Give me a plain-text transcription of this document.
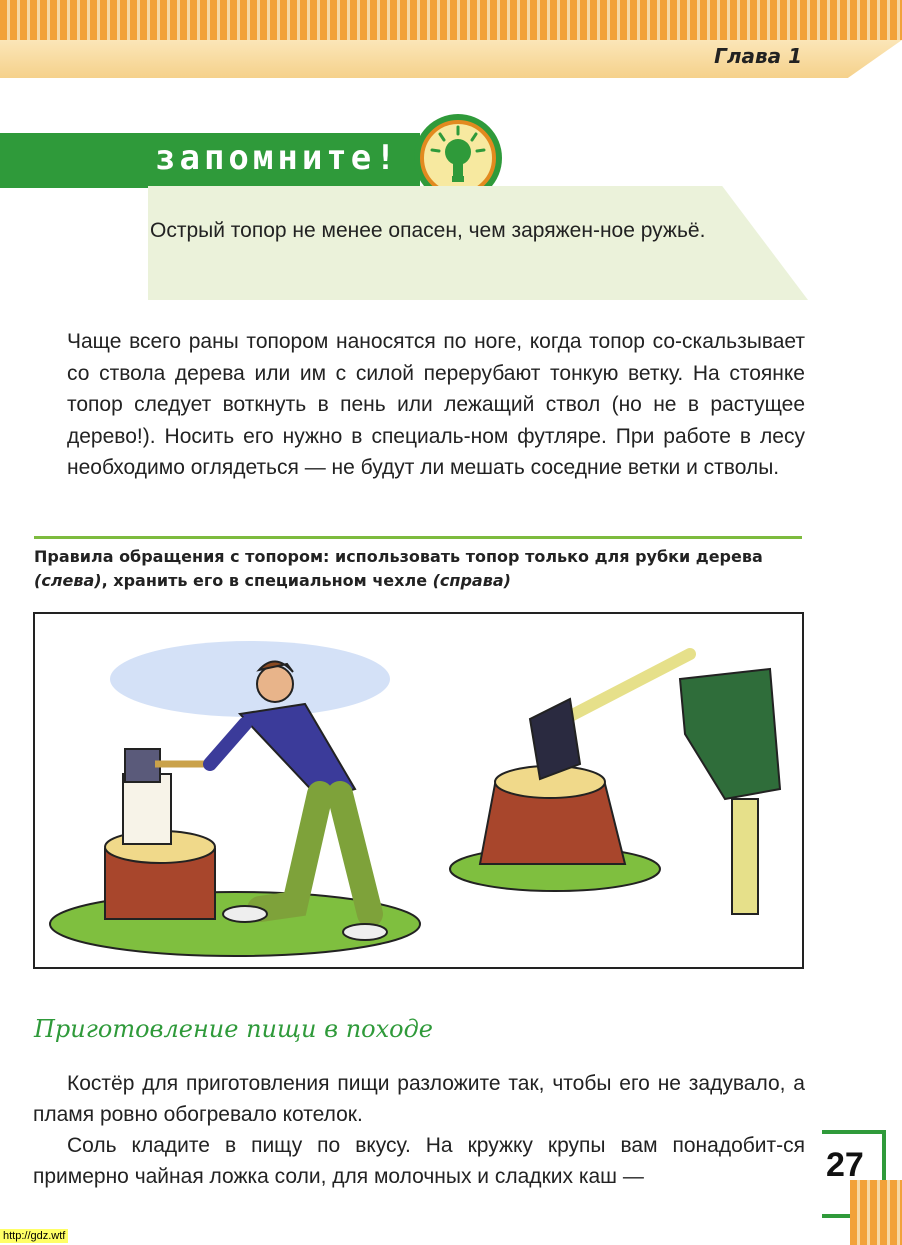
Глава 1
запомните!
Острый топор не менее опасен, чем заряжен-ное ружьё.
Чаще всего раны топором наносятся по ноге, когда топор со-скальзывает со ствола дерева или им с силой перерубают тонкую ветку. На стоянке топор следует воткнуть в пень или лежащий ствол (но не в растущее дерево!). Носить его нужно в специаль-ном футляре. При работе в лесу необходимо оглядеться — не будут ли мешать соседние ветки и стволы.
Правила обращения с топором: использовать топор только для рубки дерева (слева), хранить его в специальном чехле (справа)
Приготовление пищи в походе
Костёр для приготовления пищи разложите так, чтобы его не задувало, а пламя ровно обогревало котелок.
Соль кладите в пищу по вкусу. На кружку крупы вам понадобит-ся примерно чайная ложка соли, для молочных и сладких каш —	27
http://gdz.wtf
